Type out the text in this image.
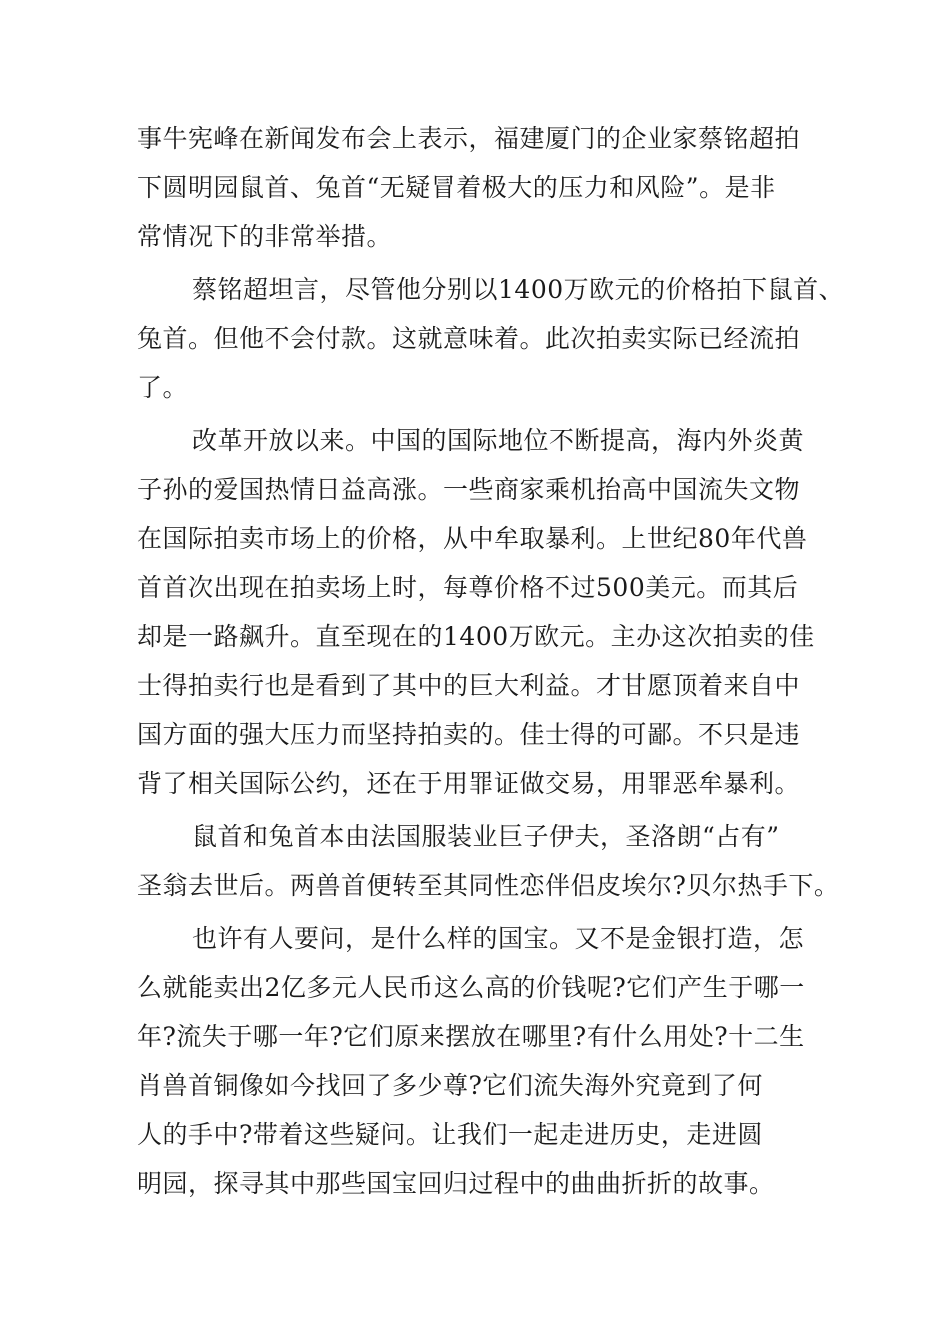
事牛宪峰在新闻发布会上表示，福建厦门的企业家蔡铭超拍
下圆明园鼠首、兔首“无疑冒着极大的压力和风险”。是非
常情况下的非常举措。
蔡铭超坦言，尽管他分别以1400万欧元的价格拍下鼠首、
兔首。但他不会付款。这就意味着。此次拍卖实际已经流拍
了。
改革开放以来。中国的国际地位不断提高，海内外炎黄
子孙的爱国热情日益高涨。一些商家乘机抬高中国流失文物
在国际拍卖市场上的价格，从中牟取暴利。上世纪80年代兽
首首次出现在拍卖场上时，每尊价格不过500美元。而其后
却是一路飙升。直至现在的1400万欧元。主办这次拍卖的佳
士得拍卖行也是看到了其中的巨大利益。才甘愿顶着来自中
国方面的强大压力而坚持拍卖的。佳士得的可鄙。不只是违
背了相关国际公约，还在于用罪证做交易，用罪恶牟暴利。
鼠首和兔首本由法国服装业巨子伊夫，圣洛朗“占有”
圣翁去世后。两兽首便转至其同性恋伴侣皮埃尔?贝尔热手下。
也许有人要问，是什么样的国宝。又不是金银打造，怎
么就能卖出2亿多元人民币这么高的价钱呢?它们产生于哪一
年?流失于哪一年?它们原来摆放在哪里?有什么用处?十二生
肖兽首铜像如今找回了多少尊?它们流失海外究竟到了何
人的手中?带着这些疑问。让我们一起走进历史，走进圆
明园，探寻其中那些国宝回归过程中的曲曲折折的故事。
